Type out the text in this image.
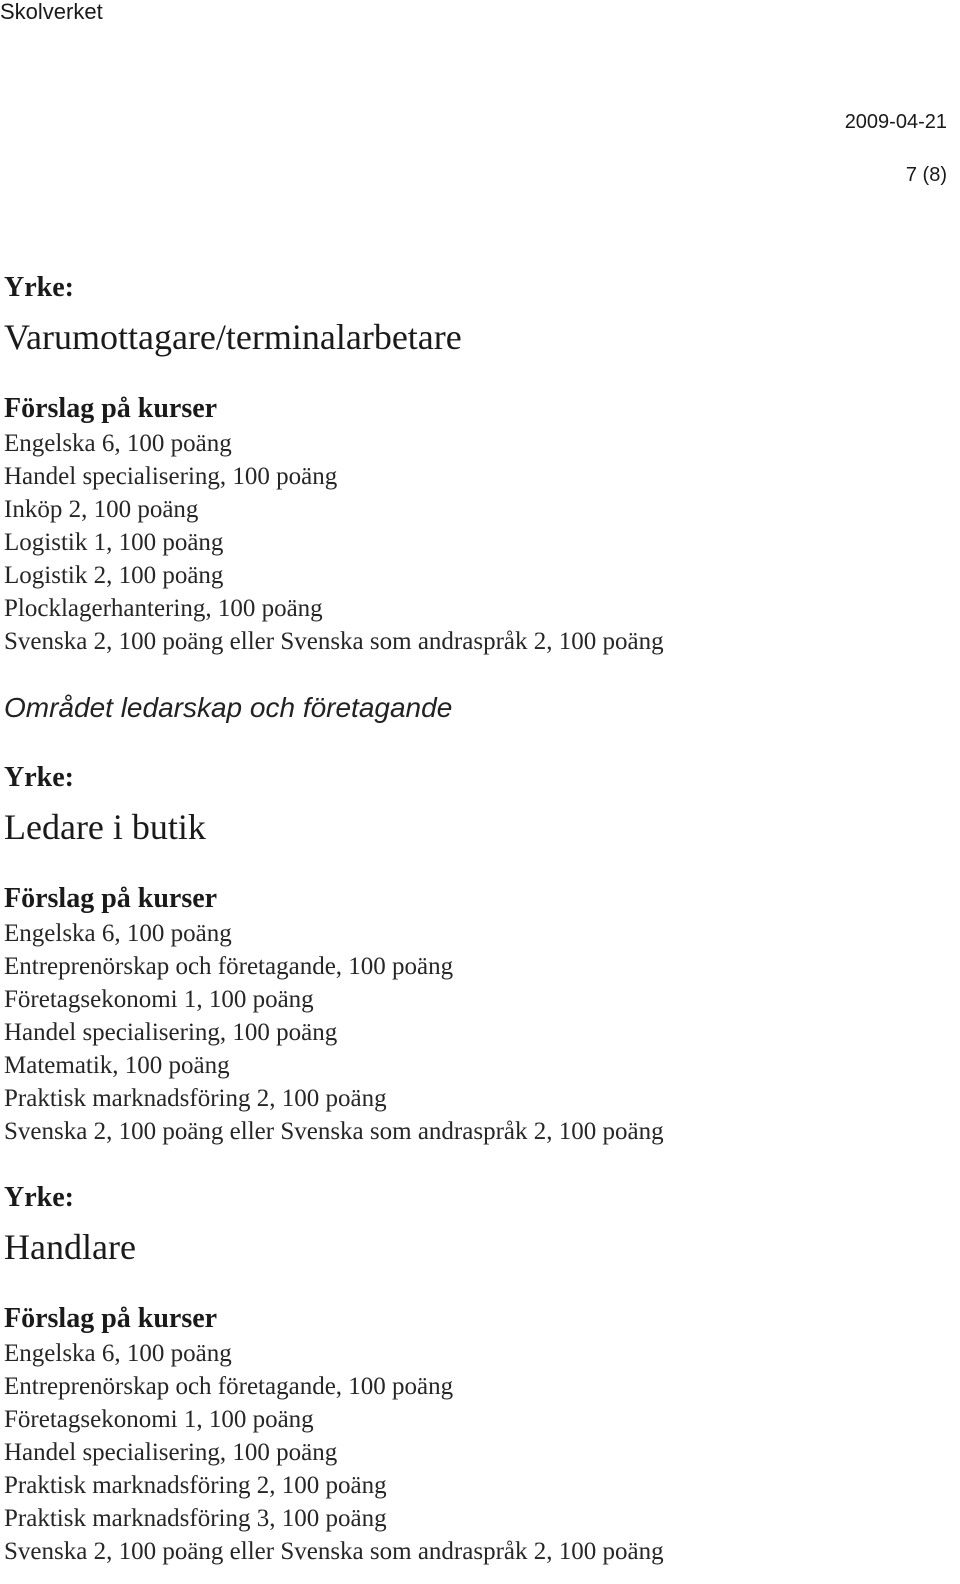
Skolverket
2009-04-21
7 (8)
Yrke:
Varumottagare/terminalarbetare
Förslag på kurser
Engelska 6, 100 poäng
Handel specialisering, 100 poäng
Inköp 2, 100 poäng
Logistik 1, 100 poäng
Logistik 2, 100 poäng
Plocklagerhantering, 100 poäng
Svenska 2, 100 poäng eller Svenska som andraspråk 2, 100 poäng
Området ledarskap och företagande
Yrke:
Ledare i butik
Förslag på kurser
Engelska 6, 100 poäng
Entreprenörskap och företagande, 100 poäng
Företagsekonomi 1, 100 poäng
Handel specialisering, 100 poäng
Matematik, 100 poäng
Praktisk marknadsföring 2, 100 poäng
Svenska 2, 100 poäng eller Svenska som andraspråk 2, 100 poäng
Yrke:
Handlare
Förslag på kurser
Engelska 6, 100 poäng
Entreprenörskap och företagande, 100 poäng
Företagsekonomi 1, 100 poäng
Handel specialisering, 100 poäng
Praktisk marknadsföring 2, 100 poäng
Praktisk marknadsföring 3, 100 poäng
Svenska 2, 100 poäng eller Svenska som andraspråk 2, 100 poäng
